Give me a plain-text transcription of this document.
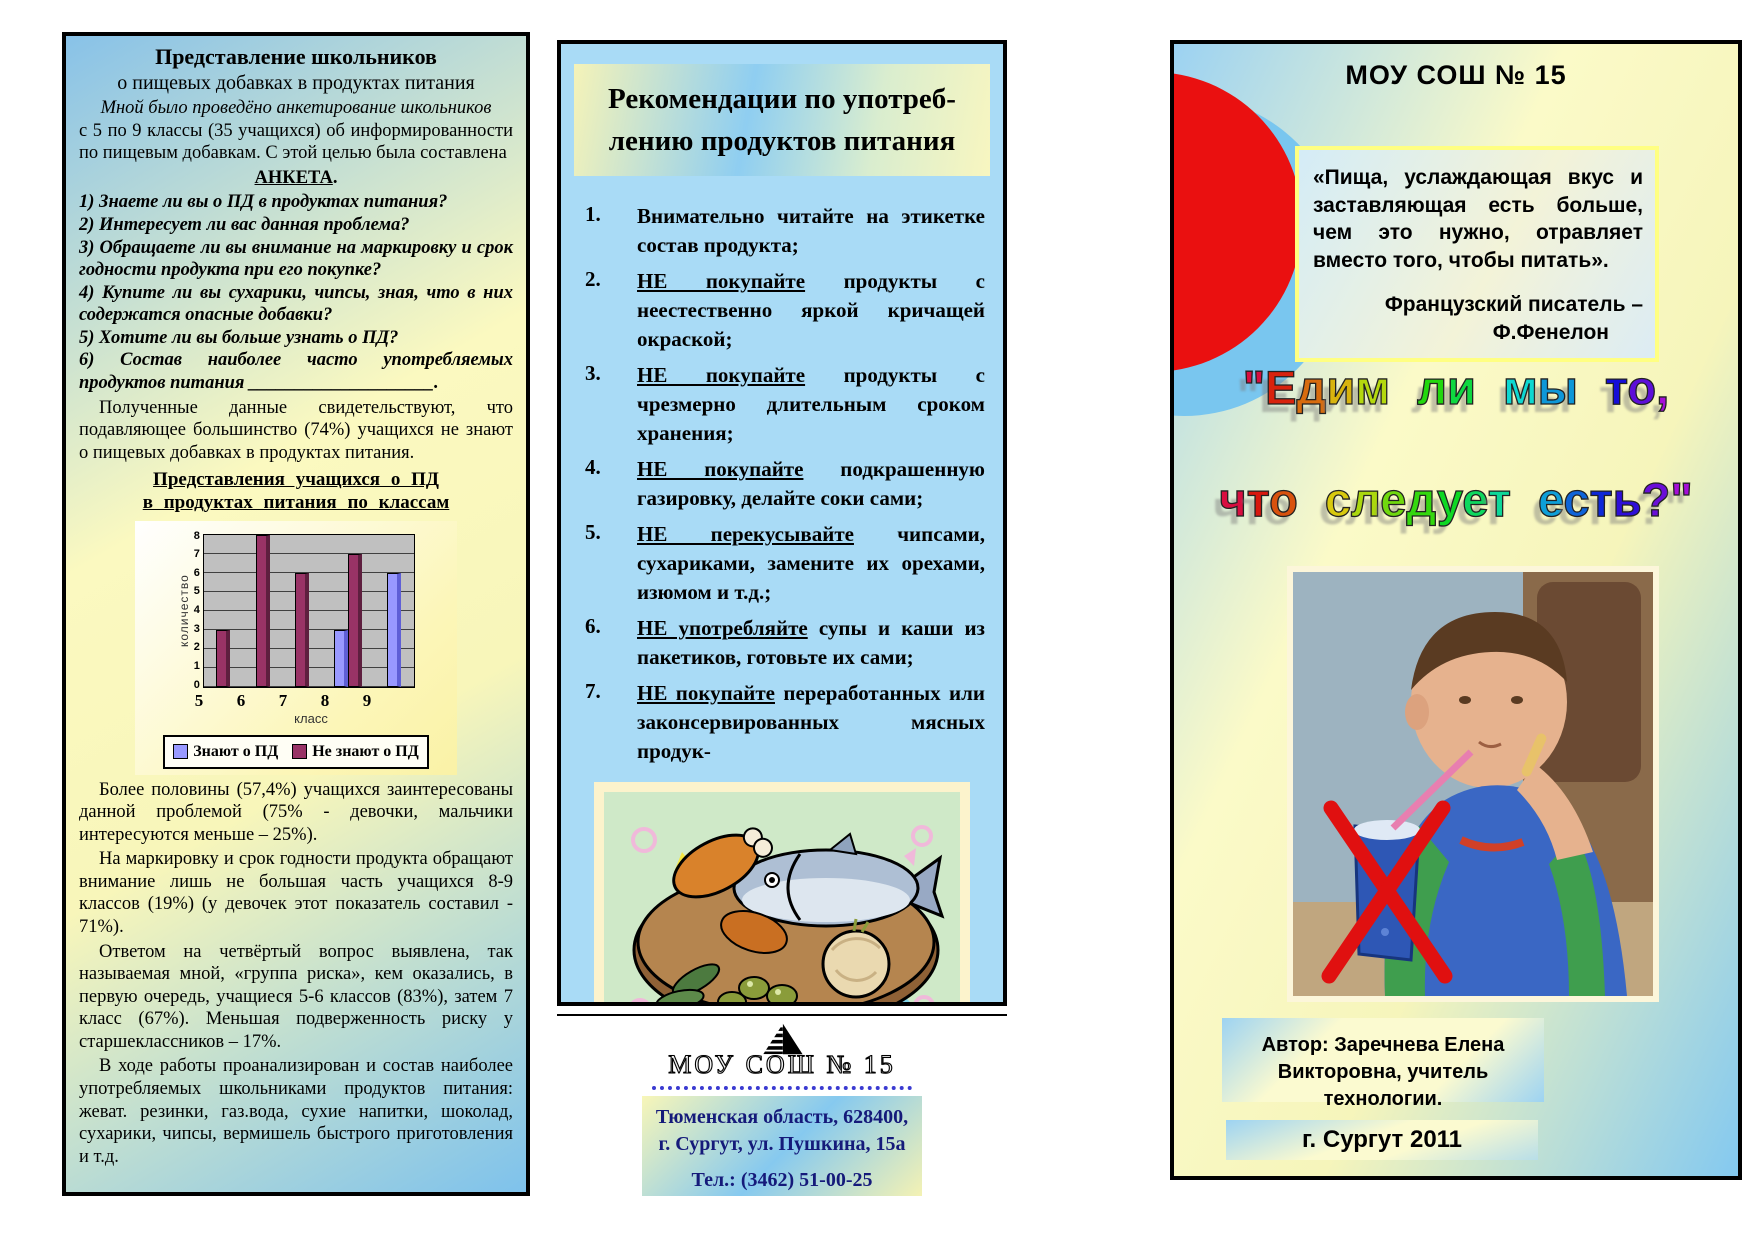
Представление школьников
о пищевых добавках в продуктах питания
Мной было проведёно анкетирование школьников
с 5 по 9 классы (35 учащихся) об информированности по пищевым добавкам. С этой целью была составлена
АНКЕТА.
1) Знаете ли вы о ПД в продуктах питания?
2) Интересует ли вас данная проблема?
3) Обращаете ли вы внимание на маркировку и срок годности продукта при его покупке?
4) Купите ли вы сухарики, чипсы, зная, что в них содержатся опасные добавки?
5) Хотите ли вы больше узнать о ПД?
6) Состав наиболее часто употребляемых продуктов питания ____________________.
Полученные данные свидетельствуют, что подавляющее большинство (74%) учащихся не знают о пищевых добавках в продуктах питания.
Представления учащихся о ПД
в продуктах питания по классам
количество
8
7
6
5
4
3
2
1
0
5 6 7 8 9
класс
Знают о ПД Не знают о ПД
Более половины (57,4%) учащихся заинтересованы данной проблемой (75% - девочки, мальчики интересуются меньше – 25%).
На маркировку и срок годности продукта обращают внимание лишь не большая часть учащихся 8-9 классов (19%) (у девочек этот показатель составил - 71%).
Ответом на четвёртый вопрос выявлена, так называемая мной, «группа риска», кем оказались, в первую очередь, учащиеся 5-6 классов (83%), затем 7 класс (67%). Меньшая подверженность риску у старшеклассников – 17%.
В ходе работы проанализирован и состав наиболее употребляемых школьниками продуктов питания: жеват. резинки, газ.вода, сухие напитки, шоколад, сухарики, чипсы, вермишель быстрого приготовления и т.д.
Рекомендации по употреб-
лению продуктов питания
1.	Внимательно читайте на этикетке состав продукта;
2.	НЕ покупайте продукты с неестественно яркой кричащей окраской;
3.	НЕ покупайте продукты с чрезмерно длительным сроком хранения;
4.	НЕ покупайте подкрашенную газировку, делайте соки сами;
5.	НЕ перекусывайте чипсами, сухариками, замените их орехами, изюмом и т.д.;
6.	НЕ употребляйте супы и каши из пакетиков, готовьте их сами;
7.	НЕ покупайте переработанных или законсервированных мясных продук-
МОУ СОШ № 15
Тюменская область, 628400,
г. Сургут, ул. Пушкина, 15а
Тел.: (3462) 51-00-25
МОУ СОШ № 15
«Пища, услаждающая вкус и заставляющая есть больше, чем это нужно, отравляет вместо того, чтобы питать».
Французский писатель –
Ф.Фенелон
"Едим ли мы то,
что следует есть?"
Автор: Заречнева Елена
Викторовна, учитель технологии.
г. Сургут 2011
